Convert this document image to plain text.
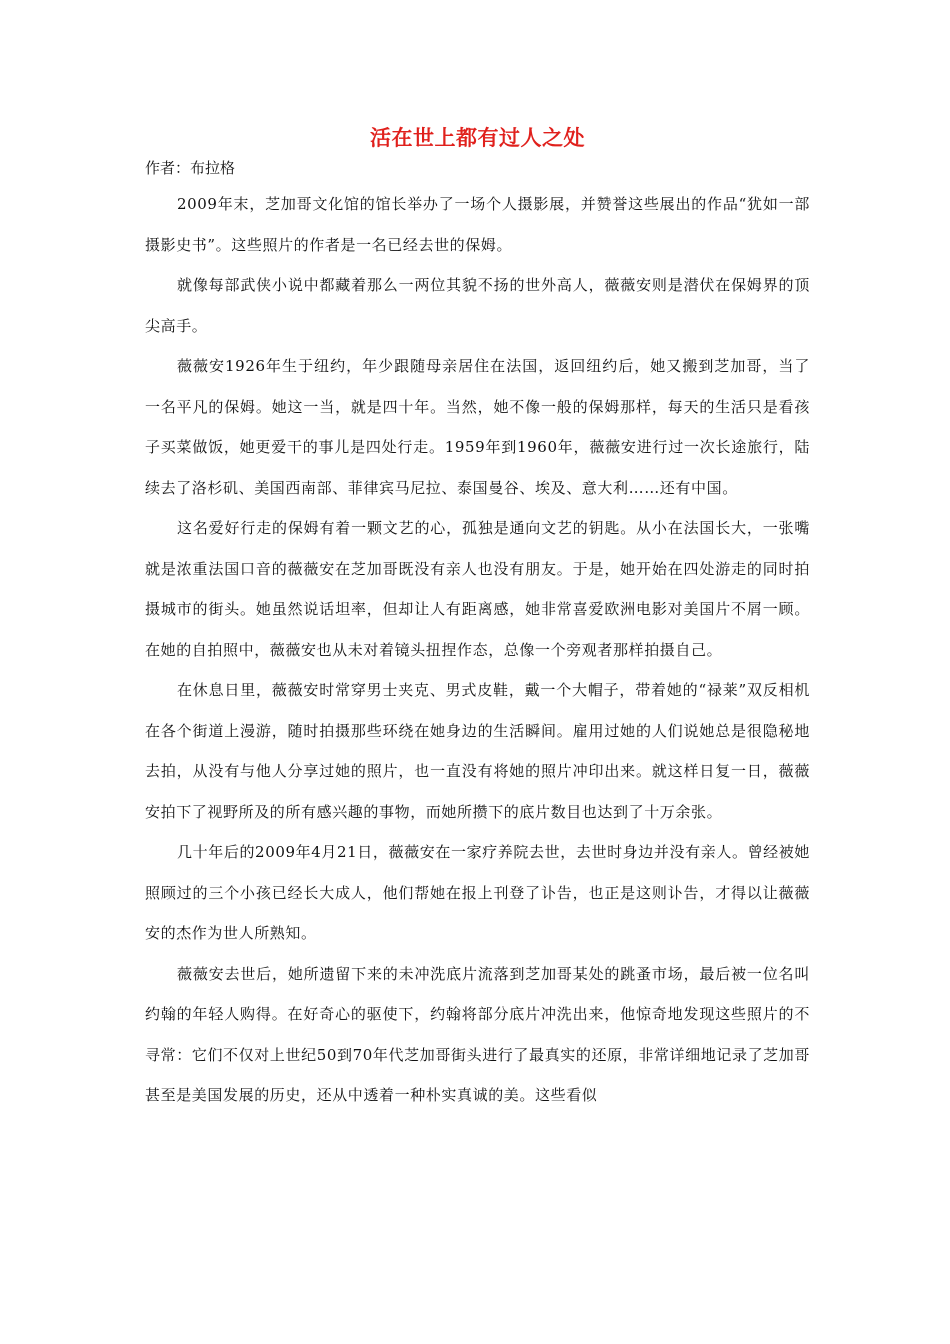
活在世上都有过人之处

作者：布拉格

2009年末，芝加哥文化馆的馆长举办了一场个人摄影展，并赞誉这些展出的作品“犹如一部摄影史书”。这些照片的作者是一名已经去世的保姆。

就像每部武侠小说中都藏着那么一两位其貌不扬的世外高人，薇薇安则是潜伏在保姆界的顶尖高手。

薇薇安1926年生于纽约，年少跟随母亲居住在法国，返回纽约后，她又搬到芝加哥，当了一名平凡的保姆。她这一当，就是四十年。当然，她不像一般的保姆那样，每天的生活只是看孩子买菜做饭，她更爱干的事儿是四处行走。1959年到1960年，薇薇安进行过一次长途旅行，陆续去了洛杉矶、美国西南部、菲律宾马尼拉、泰国曼谷、埃及、意大利……还有中国。

这名爱好行走的保姆有着一颗文艺的心，孤独是通向文艺的钥匙。从小在法国长大，一张嘴就是浓重法国口音的薇薇安在芝加哥既没有亲人也没有朋友。于是，她开始在四处游走的同时拍摄城市的街头。她虽然说话坦率，但却让人有距离感，她非常喜爱欧洲电影对美国片不屑一顾。在她的自拍照中，薇薇安也从未对着镜头扭捏作态，总像一个旁观者那样拍摄自己。

在休息日里，薇薇安时常穿男士夹克、男式皮鞋，戴一个大帽子，带着她的“禄莱”双反相机在各个街道上漫游，随时拍摄那些环绕在她身边的生活瞬间。雇用过她的人们说她总是很隐秘地去拍，从没有与他人分享过她的照片，也一直没有将她的照片冲印出来。就这样日复一日，薇薇安拍下了视野所及的所有感兴趣的事物，而她所攒下的底片数目也达到了十万余张。

几十年后的2009年4月21日，薇薇安在一家疗养院去世，去世时身边并没有亲人。曾经被她照顾过的三个小孩已经长大成人，他们帮她在报上刊登了讣告，也正是这则讣告，才得以让薇薇安的杰作为世人所熟知。

薇薇安去世后，她所遗留下来的未冲洗底片流落到芝加哥某处的跳蚤市场，最后被一位名叫约翰的年轻人购得。在好奇心的驱使下，约翰将部分底片冲洗出来，他惊奇地发现这些照片的不寻常：它们不仅对上世纪50到70年代芝加哥街头进行了最真实的还原，非常详细地记录了芝加哥甚至是美国发展的历史，还从中透着一种朴实真诚的美。这些看似
